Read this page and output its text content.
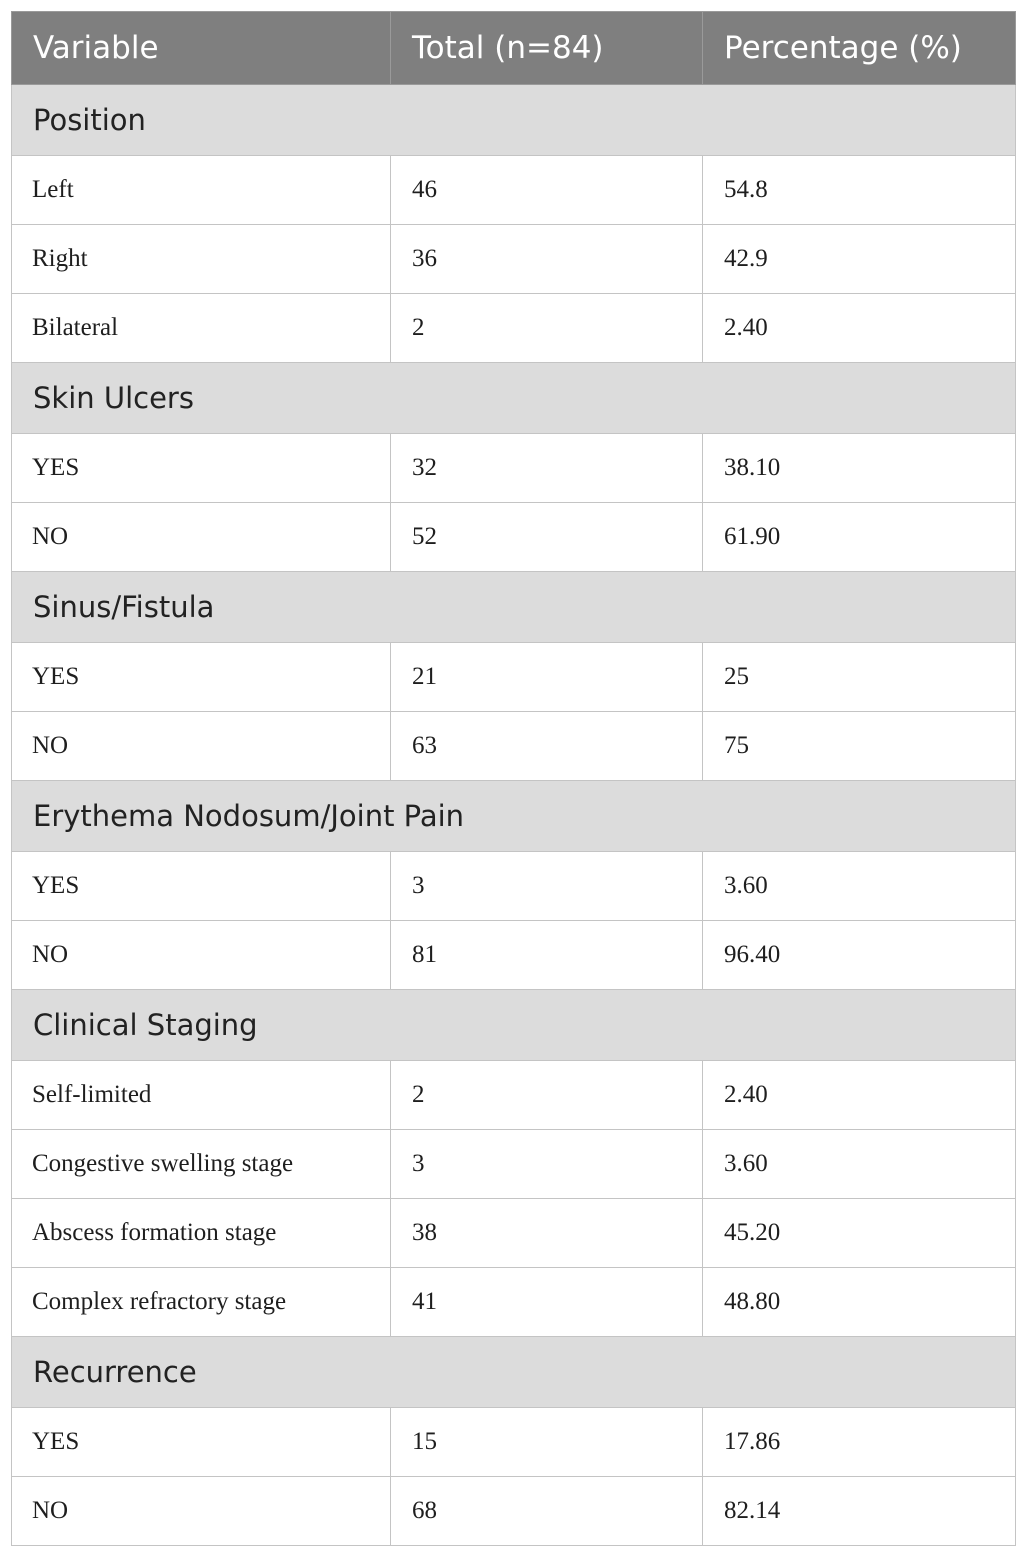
Variable	Total (n=84)	Percentage (%)
Position		
Left	46	54.8
Right	36	42.9
Bilateral	2	2.40
Skin Ulcers		
YES	32	38.10
NO	52	61.90
Sinus/Fistula		
YES	21	25
NO	63	75
Erythema Nodosum/Joint Pain		
YES	3	3.60
NO	81	96.40
Clinical Staging		
Self-limited	2	2.40
Congestive swelling stage	3	3.60
Abscess formation stage	38	45.20
Complex refractory stage	41	48.80
Recurrence		
YES	15	17.86
NO	68	82.14
